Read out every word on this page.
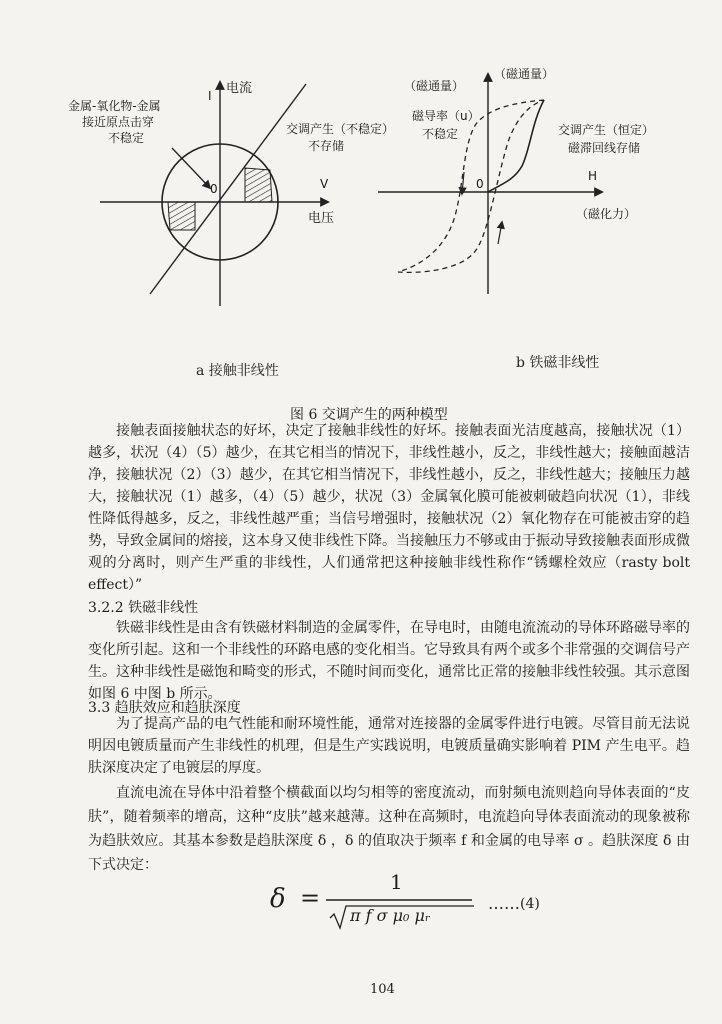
I 电流
V
电压
0
金属-氧化物-金属
接近原点击穿
不稳定
交调产生（不稳定）
不存储
（磁通量）
（磁通量）
磁导率（u）
不稳定	交调产生（恒定）
磁滞回线存储
0
H
（磁化力）
a 接触非线性	b 铁磁非线性
图 6 交调产生的两种模型
接触表面接触状态的好坏，决定了接触非线性的好坏。接触表面光洁度越高，接触状况（1）越多，状况（4）（5）越少，在其它相当的情况下，非线性越小，反之，非线性越大；接触面越洁净，接触状况（2）（3）越少，在其它相当情况下，非线性越小，反之，非线性越大；接触压力越大，接触状况（1）越多，（4）（5）越少，状况（3）金属氧化膜可能被刺破趋向状况（1），非线性降低得越多，反之，非线性越严重；当信号增强时，接触状况（2）氧化物存在可能被击穿的趋势，导致金属间的熔接，这本身又使非线性下降。当接触压力不够或由于振动导致接触表面形成微观的分离时，则产生严重的非线性，人们通常把这种接触非线性称作“锈螺栓效应（rasty bolt effect）”
3.2.2 铁磁非线性
铁磁非线性是由含有铁磁材料制造的金属零件，在导电时，由随电流流动的导体环路磁导率的变化所引起。这和一个非线性的环路电感的变化相当。它导致具有两个或多个非常强的交调信号产生。这种非线性是磁饱和畸变的形式，不随时间而变化，通常比正常的接触非线性较强。其示意图如图 6 中图 b 所示。
3.3 趋肤效应和趋肤深度
为了提高产品的电气性能和耐环境性能，通常对连接器的金属零件进行电镀。尽管目前无法说明因电镀质量而产生非线性的机理，但是生产实践说明，电镀质量确实影响着 PIM 产生电平。趋肤深度决定了电镀层的厚度。
直流电流在导体中沿着整个横截面以均匀相等的密度流动，而射频电流则趋向导体表面的“皮肤”，随着频率的增高，这种“皮肤”越来越薄。这种在高频时，电流趋向导体表面流动的现象被称为趋肤效应。其基本参数是趋肤深度 δ ，δ 的值取决于频率 f 和金属的电导率 σ 。趋肤深度 δ 由下式决定：
δ =
1
π f σ μ₀ μᵣ
…… (4)
104
